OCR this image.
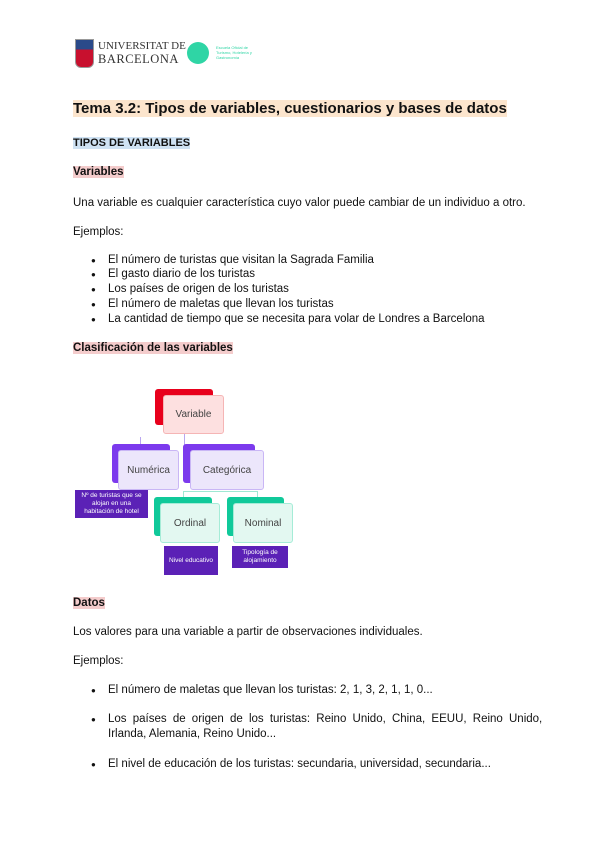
UNIVERSITAT DE
BARCELONA
Escuela Oficial de Turismo, Hotelería y Gastronomía
Tema 3.2: Tipos de variables, cuestionarios y bases de datos
TIPOS DE VARIABLES
Variables
Una variable es cualquier característica cuyo valor puede cambiar de un individuo a otro.
Ejemplos:
El número de turistas que visitan la Sagrada Familia
El gasto diario de los turistas
Los países de origen de los turistas
El número de maletas que llevan los turistas
La cantidad de tiempo que se necesita para volar de Londres a Barcelona
Clasificación de las variables
Variable
Numérica	Categórica
Ordinal	Nominal
Nº de turistas que se alojan en una habitación de hotel
Nivel educativo
Tipología de alojamiento
Datos
Los valores para una variable a partir de observaciones individuales.
Ejemplos:
El número de maletas que llevan los turistas: 2, 1, 3, 2, 1, 1, 0...
Los países de origen de los turistas: Reino Unido, China, EEUU, Reino Unido,
Irlanda, Alemania, Reino Unido...
El nivel de educación de los turistas: secundaria, universidad, secundaria...
